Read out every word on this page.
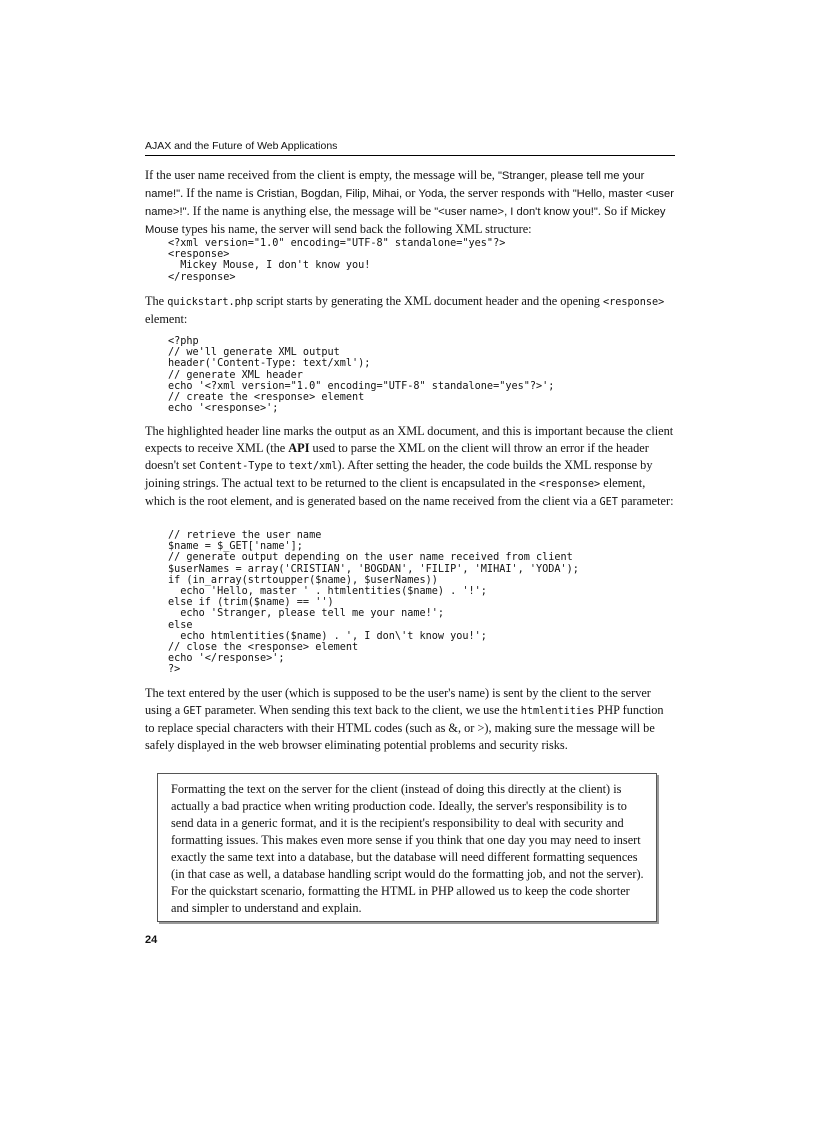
AJAX and the Future of Web Applications

If the user name received from the client is empty, the message will be, "Stranger, please tell me your name!". If the name is Cristian, Bogdan, Filip, Mihai, or Yoda, the server responds with "Hello, master <user name>!". If the name is anything else, the message will be "<user name>, I don't know you!". So if Mickey Mouse types his name, the server will send back the following XML structure:

<?xml version="1.0" encoding="UTF-8" standalone="yes"?>
<response>
Mickey Mouse, I don't know you!
</response>

The quickstart.php script starts by generating the XML document header and the opening <response> element:

<?php
// we'll generate XML output
header('Content-Type: text/xml');
// generate XML header
echo '<?xml version="1.0" encoding="UTF-8" standalone="yes"?>';
// create the <response> element
echo '<response>';

The highlighted header line marks the output as an XML document, and this is important because the client expects to receive XML (the API used to parse the XML on the client will throw an error if the header doesn't set Content-Type to text/xml). After setting the header, the code builds the XML response by joining strings. The actual text to be returned to the client is encapsulated in the <response> element, which is the root element, and is generated based on the name received from the client via a GET parameter:

// retrieve the user name
$name = $_GET['name'];
// generate output depending on the user name received from client
$userNames = array('CRISTIAN', 'BOGDAN', 'FILIP', 'MIHAI', 'YODA');
if (in_array(strtoupper($name), $userNames))
echo 'Hello, master ' . htmlentities($name) . '!';
else if (trim($name) == '')
echo 'Stranger, please tell me your name!';
else
echo htmlentities($name) . ', I don\'t know you!';
// close the <response> element
echo '</response>';
?>

The text entered by the user (which is supposed to be the user's name) is sent by the client to the server using a GET parameter. When sending this text back to the client, we use the htmlentities PHP function to replace special characters with their HTML codes (such as &, or >), making sure the message will be safely displayed in the web browser eliminating potential problems and security risks.

Formatting the text on the server for the client (instead of doing this directly at the client) is actually a bad practice when writing production code. Ideally, the server's responsibility is to send data in a generic format, and it is the recipient's responsibility to deal with security and formatting issues. This makes even more sense if you think that one day you may need to insert exactly the same text into a database, but the database will need different formatting sequences (in that case as well, a database handling script would do the formatting job, and not the server). For the quickstart scenario, formatting the HTML in PHP allowed us to keep the code shorter and simpler to understand and explain.

24
